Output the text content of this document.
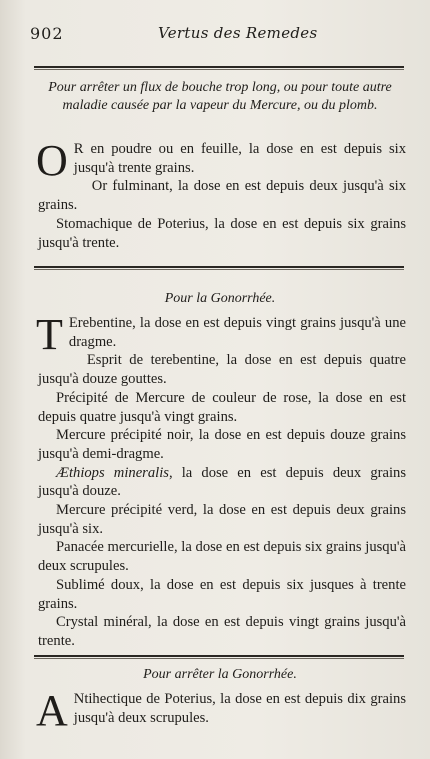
902	Vertus des Remedes
Pour arrêter un flux de bouche trop long, ou pour toute autre maladie causée par la vapeur du Mercure, ou du plomb.

O R en poudre ou en feuille, la dose en est depuis six jusqu'à trente grains.

Or fulminant, la dose en est depuis deux jusqu'à six grains.

Stomachique de Poterius, la dose en est depuis six grains jusqu'à trente.

Pour la Gonorrhée.

T Erebentine, la dose en est depuis vingt grains jusqu'à une dragme.

Esprit de terebentine, la dose en est depuis quatre jusqu'à douze gouttes.

Précipité de Mercure de couleur de rose, la dose en est depuis quatre jusqu'à vingt grains.

Mercure précipité noir, la dose en est depuis douze grains jusqu'à demi-dragme.

Æthiops mineralis, la dose en est depuis deux grains jusqu'à douze.

Mercure précipité verd, la dose en est depuis deux grains jusqu'à six.

Panacée mercurielle, la dose en est depuis six grains jusqu'à deux scrupules.

Sublimé doux, la dose en est depuis six jusques à trente grains.

Crystal minéral, la dose en est depuis vingt grains jusqu'à trente.

Pour arrêter la Gonorrhée.

A Ntihectique de Poterius, la dose en est depuis dix grains jusqu'à deux scrupules.
